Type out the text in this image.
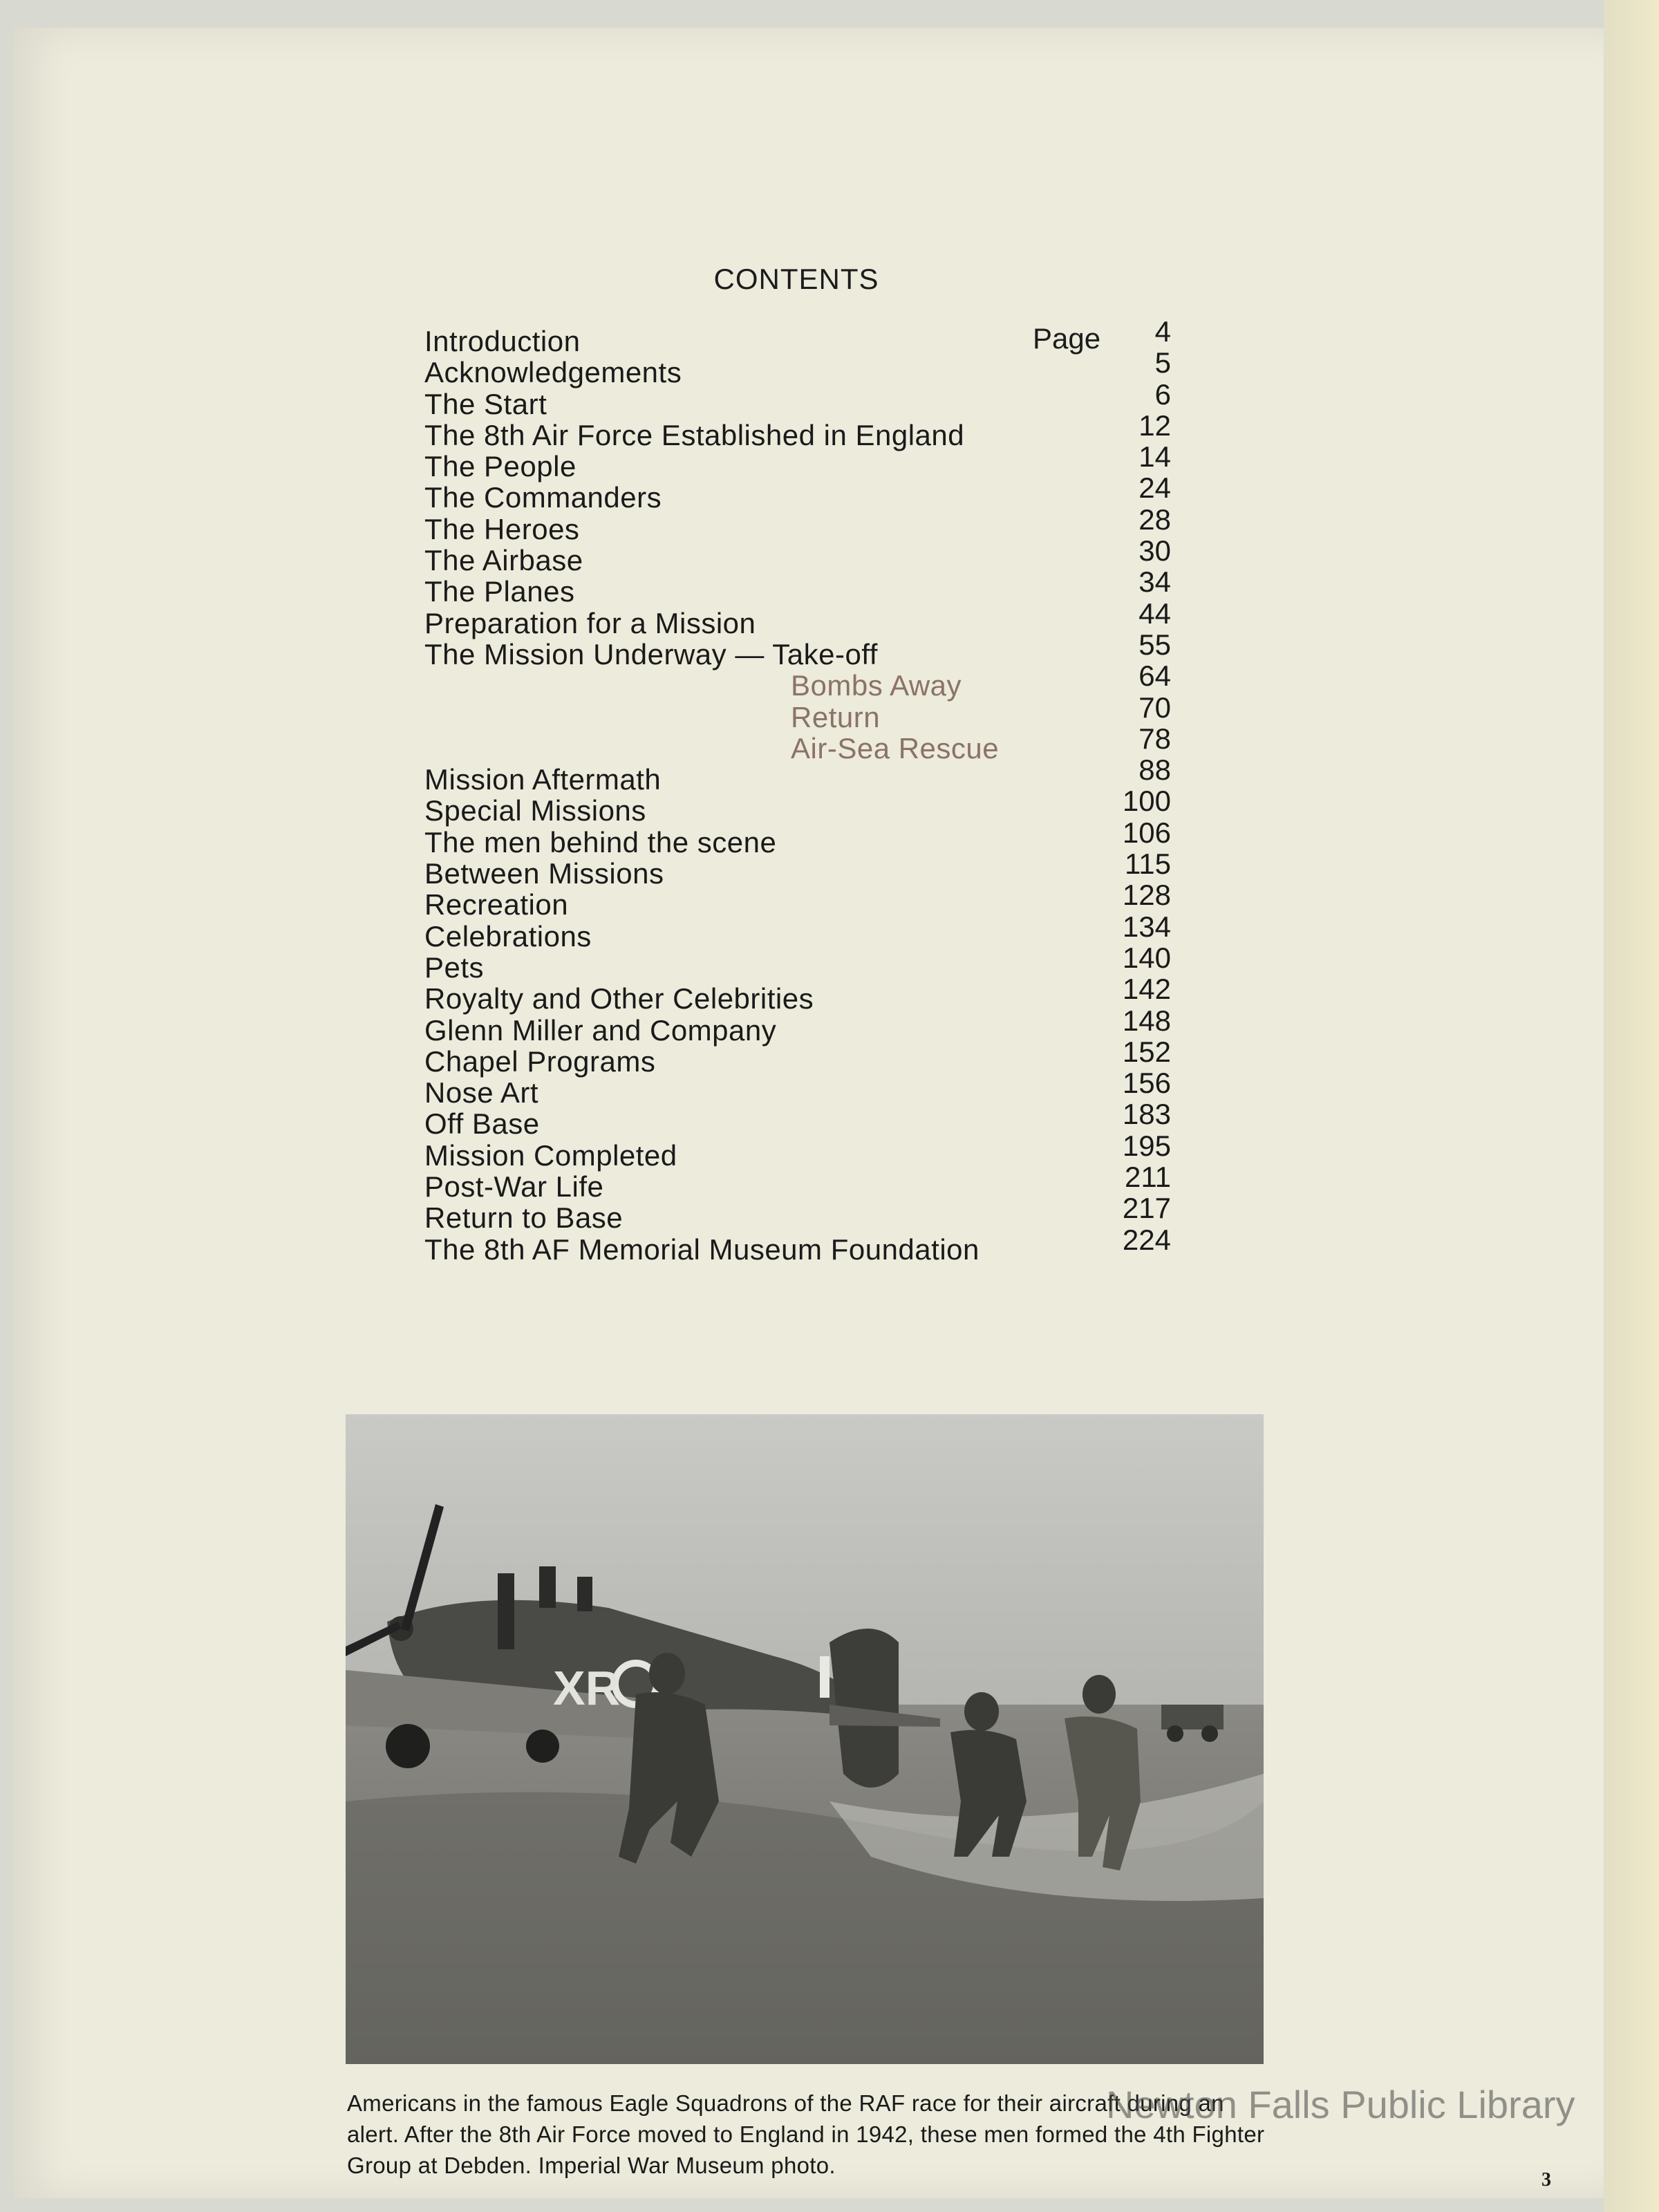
CONTENTS
Page
Introduction	4
Acknowledgements	5
The Start	6
The 8th Air Force Established in England	12
The People	14
The Commanders	24
The Heroes	28
The Airbase	30
The Planes	34
Preparation for a Mission	44
The Mission Underway — Take-off	55
Bombs Away	64
Return	70
Air-Sea Rescue	78
Mission Aftermath	88
Special Missions	100
The men behind the scene	106
Between Missions	115
Recreation	128
Celebrations	134
Pets	140
Royalty and Other Celebrities	142
Glenn Miller and Company	148
Chapel Programs	152
Nose Art	156
Off Base	183
Mission Completed	195
Post-War Life	211
Return to Base	217
The 8th AF Memorial Museum Foundation	224
XR
Americans in the famous Eagle Squadrons of the RAF race for their aircraft during an alert. After the 8th Air Force moved to England in 1942, these men formed the 4th Fighter Group at Debden. Imperial War Museum photo.
Newton Falls Public Library
3
